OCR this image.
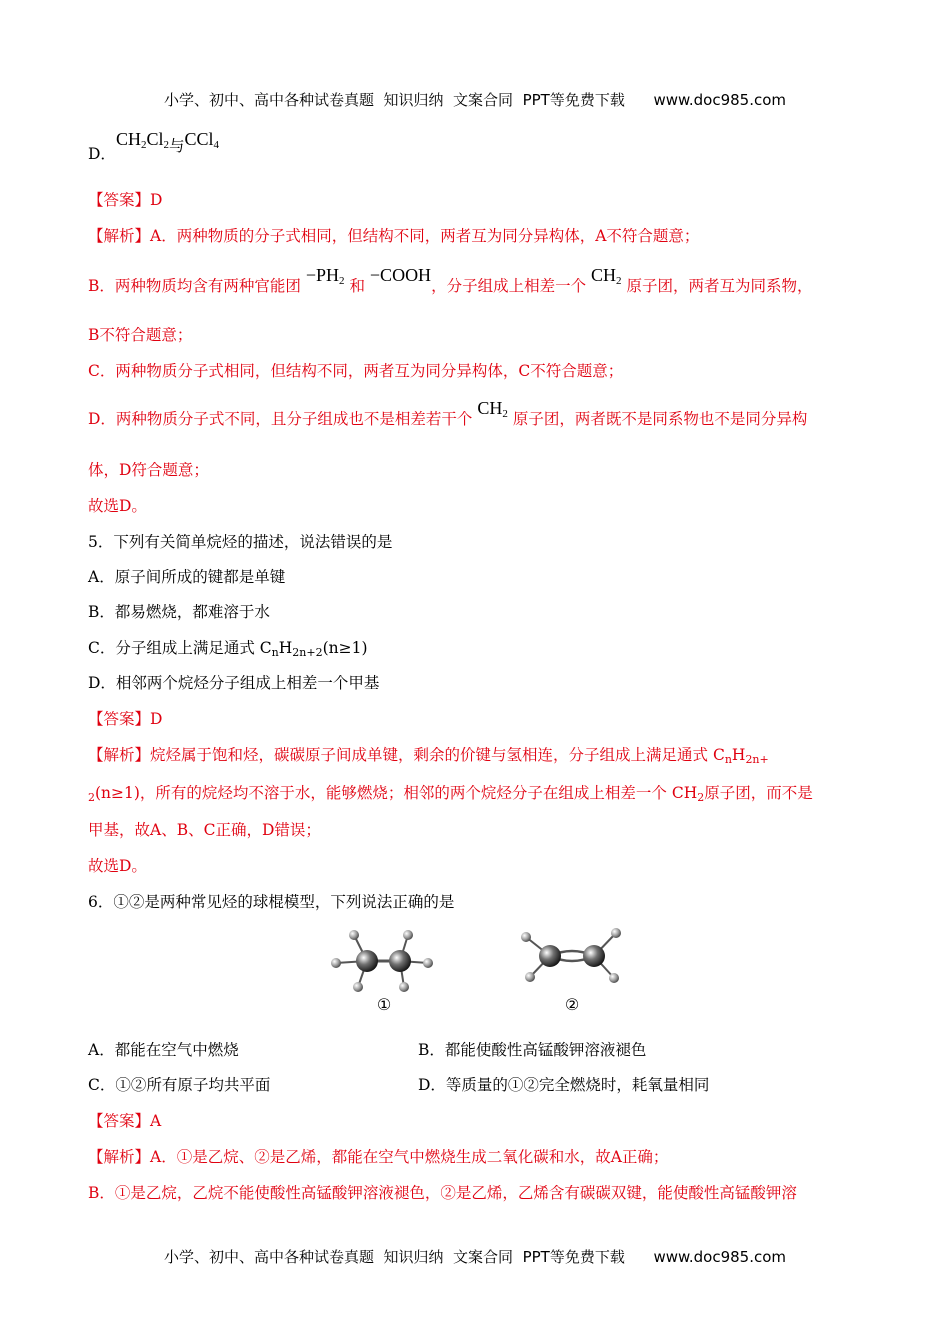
小学、初中、高中各种试卷真题  知识归纳  文案合同  PPT等免费下载      www.doc985.com
D．$CH_2Cl_2$与CCl$_4$
【答案】D
【解析】A．两种物质的分子式相同，但结构不同，两者互为同分异构体，A不符合题意；
B．两种物质均含有两种官能团 $-PH_2$ 和 −COOH，分子组成上相差一个 $CH_2$ 原子团，两者互为同系物，
B不符合题意；
C．两种物质分子式相同，但结构不同，两者互为同分异构体，C不符合题意；
D．两种物质分子式不同，且分子组成也不是相差若干个 $CH_2$ 原子团，两者既不是同系物也不是同分异构
体，D符合题意；
故选D。
5．下列有关简单烷烃的描述，说法错误的是
A．原子间所成的键都是单键
B．都易燃烧，都难溶于水
C．分子组成上满足通式 $C_nH_{2n+2}(n\ge 1)$
D．相邻两个烷烃分子组成上相差一个甲基
【答案】D
【解析】烷烃属于饱和烃，碳碳原子间成单键，剩余的价键与氢相连，分子组成上满足通式 $C_nH_{2n+}$
$_2$(n≥1)，所有的烷烃均不溶于水，能够燃烧；相邻的两个烷烃分子在组成上相差一个 $CH_2$原子团，而不是
甲基，故A、B、C正确，D错误；
故选D。
6．①②是两种常见烃的球棍模型，下列说法正确的是
①	②
A．都能在空气中燃烧	B．都能使酸性高锰酸钾溶液褪色
C．①②所有原子均共平面	D．等质量的①②完全燃烧时，耗氧量相同
【答案】A
【解析】A．①是乙烷、②是乙烯，都能在空气中燃烧生成二氧化碳和水，故A正确；
B．①是乙烷，乙烷不能使酸性高锰酸钾溶液褪色，②是乙烯，乙烯含有碳碳双键，能使酸性高锰酸钾溶
小学、初中、高中各种试卷真题  知识归纳  文案合同  PPT等免费下载      www.doc985.com
